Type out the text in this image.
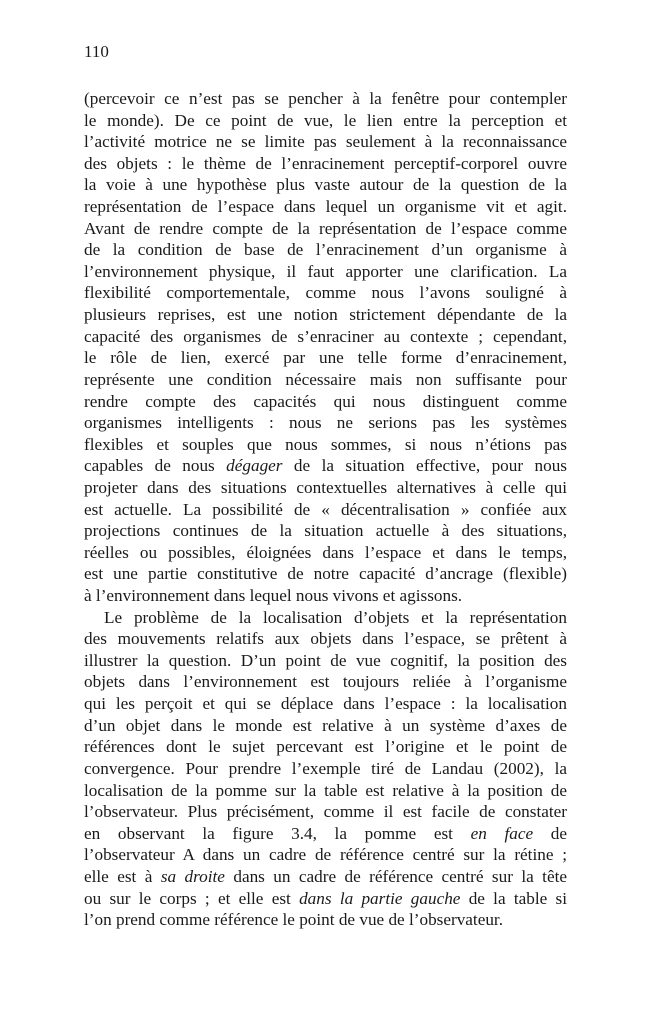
110
(percevoir ce n’est pas se pencher à la fenêtre pour contempler
le monde). De ce point de vue, le lien entre la perception et
l’activité motrice ne se limite pas seulement à la reconnaissance
des objets : le thème de l’enracinement perceptif-corporel ouvre
la voie à une hypothèse plus vaste autour de la question de la
représentation de l’espace dans lequel un organisme vit et agit.
Avant de rendre compte de la représentation de l’espace comme
de la condition de base de l’enracinement d’un organisme à
l’environnement physique, il faut apporter une clarification. La
flexibilité comportementale, comme nous l’avons souligné à
plusieurs reprises, est une notion strictement dépendante de la
capacité des organismes de s’enraciner au contexte ; cependant,
le rôle de lien, exercé par une telle forme d’enracinement,
représente une condition nécessaire mais non suffisante pour
rendre compte des capacités qui nous distinguent comme
organismes intelligents : nous ne serions pas les systèmes
flexibles et souples que nous sommes, si nous n’étions pas
capables de nous dégager de la situation effective, pour nous
projeter dans des situations contextuelles alternatives à celle qui
est actuelle. La possibilité de « décentralisation » confiée aux
projections continues de la situation actuelle à des situations,
réelles ou possibles, éloignées dans l’espace et dans le temps,
est une partie constitutive de notre capacité d’ancrage (flexible)
à l’environnement dans lequel nous vivons et agissons.
Le problème de la localisation d’objets et la représentation
des mouvements relatifs aux objets dans l’espace, se prêtent à
illustrer la question. D’un point de vue cognitif, la position des
objets dans l’environnement est toujours reliée à l’organisme
qui les perçoit et qui se déplace dans l’espace : la localisation
d’un objet dans le monde est relative à un système d’axes de
références dont le sujet percevant est l’origine et le point de
convergence. Pour prendre l’exemple tiré de Landau (2002), la
localisation de la pomme sur la table est relative à la position de
l’observateur. Plus précisément, comme il est facile de constater
en observant la figure 3.4, la pomme est en face de
l’observateur A dans un cadre de référence centré sur la rétine ;
elle est à sa droite dans un cadre de référence centré sur la tête
ou sur le corps ; et elle est dans la partie gauche de la table si
l’on prend comme référence le point de vue de l’observateur.
